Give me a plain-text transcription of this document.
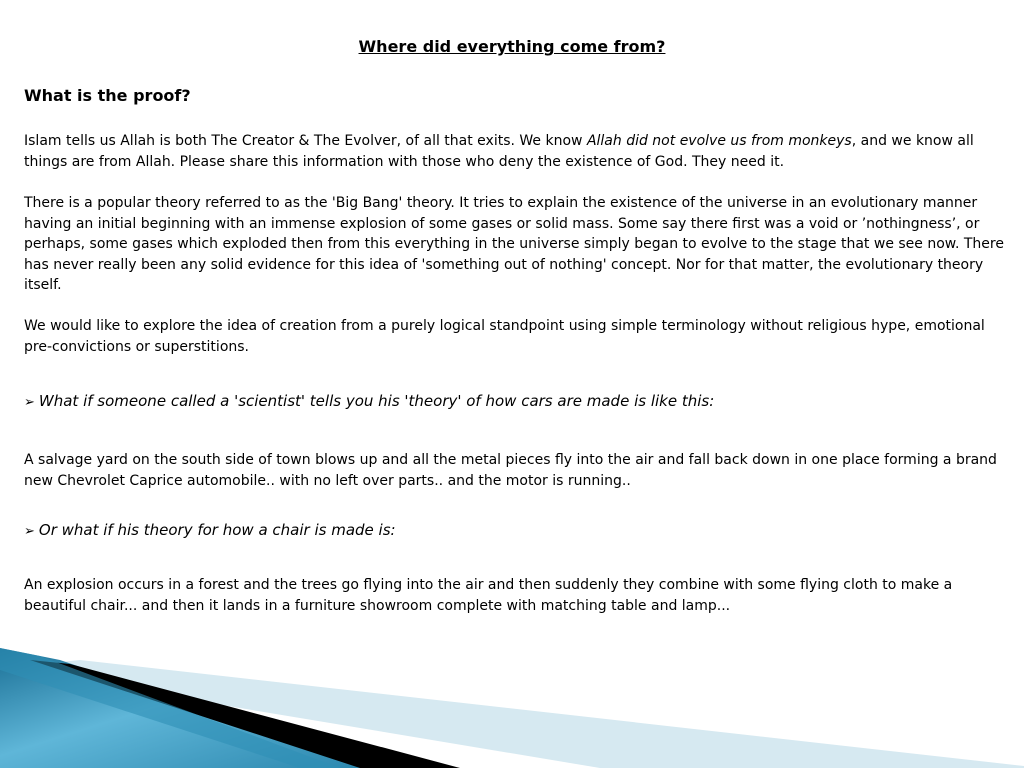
Where did everything come from?
What is the proof?
Islam tells us Allah is both The Creator & The Evolver, of all that exits. We know Allah did not evolve us from monkeys, and we know all things are from Allah. Please share this information with those who deny the existence of God. They need it.
There is a popular theory referred to as the 'Big Bang' theory. It tries to explain the existence of the universe in an evolutionary manner having an initial beginning with an immense explosion of some gases or solid mass. Some say there first was a void or ’nothingness’, or perhaps, some gases which exploded then from this everything in the universe simply began to evolve to the stage that we see now. There has never really been any solid evidence for this idea of 'something out of nothing' concept. Nor for that matter, the evolutionary theory itself.
We would like to explore the idea of creation from a purely logical standpoint using simple terminology without religious hype, emotional pre-convictions or superstitions.
➢ What if someone called a 'scientist' tells you his 'theory' of how cars are made is like this:
A salvage yard on the south side of town blows up and all the metal pieces fly into the air and fall back down in one place forming a brand new Chevrolet Caprice automobile.. with no left over parts.. and the motor is running..
➢ Or what if his theory for how a chair is made is:
An explosion occurs in a forest and the trees go flying into the air and then suddenly they combine with some flying cloth to make a beautiful chair... and then it lands in a furniture showroom complete with matching table and lamp...
